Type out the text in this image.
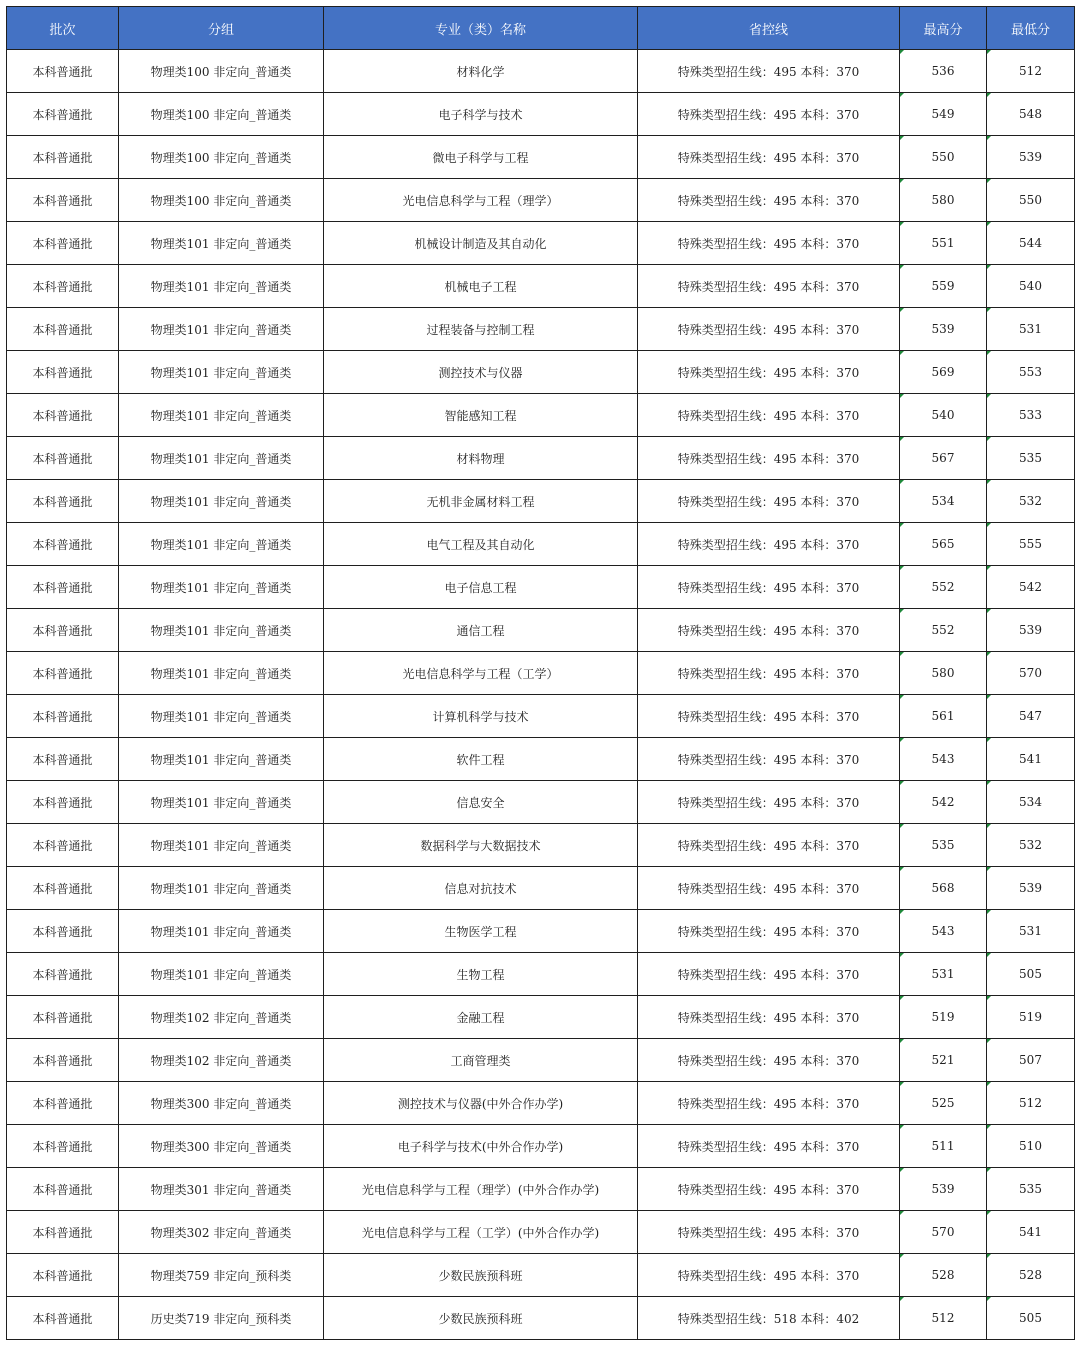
批次	分组	专业（类）名称	省控线	最高分	最低分
本科普通批	物理类100 非定向_普通类	材料化学	特殊类型招生线：495 本科：370	536	512
本科普通批	物理类100 非定向_普通类	电子科学与技术	特殊类型招生线：495 本科：370	549	548
本科普通批	物理类100 非定向_普通类	微电子科学与工程	特殊类型招生线：495 本科：370	550	539
本科普通批	物理类100 非定向_普通类	光电信息科学与工程（理学）	特殊类型招生线：495 本科：370	580	550
本科普通批	物理类101 非定向_普通类	机械设计制造及其自动化	特殊类型招生线：495 本科：370	551	544
本科普通批	物理类101 非定向_普通类	机械电子工程	特殊类型招生线：495 本科：370	559	540
本科普通批	物理类101 非定向_普通类	过程装备与控制工程	特殊类型招生线：495 本科：370	539	531
本科普通批	物理类101 非定向_普通类	测控技术与仪器	特殊类型招生线：495 本科：370	569	553
本科普通批	物理类101 非定向_普通类	智能感知工程	特殊类型招生线：495 本科：370	540	533
本科普通批	物理类101 非定向_普通类	材料物理	特殊类型招生线：495 本科：370	567	535
本科普通批	物理类101 非定向_普通类	无机非金属材料工程	特殊类型招生线：495 本科：370	534	532
本科普通批	物理类101 非定向_普通类	电气工程及其自动化	特殊类型招生线：495 本科：370	565	555
本科普通批	物理类101 非定向_普通类	电子信息工程	特殊类型招生线：495 本科：370	552	542
本科普通批	物理类101 非定向_普通类	通信工程	特殊类型招生线：495 本科：370	552	539
本科普通批	物理类101 非定向_普通类	光电信息科学与工程（工学）	特殊类型招生线：495 本科：370	580	570
本科普通批	物理类101 非定向_普通类	计算机科学与技术	特殊类型招生线：495 本科：370	561	547
本科普通批	物理类101 非定向_普通类	软件工程	特殊类型招生线：495 本科：370	543	541
本科普通批	物理类101 非定向_普通类	信息安全	特殊类型招生线：495 本科：370	542	534
本科普通批	物理类101 非定向_普通类	数据科学与大数据技术	特殊类型招生线：495 本科：370	535	532
本科普通批	物理类101 非定向_普通类	信息对抗技术	特殊类型招生线：495 本科：370	568	539
本科普通批	物理类101 非定向_普通类	生物医学工程	特殊类型招生线：495 本科：370	543	531
本科普通批	物理类101 非定向_普通类	生物工程	特殊类型招生线：495 本科：370	531	505
本科普通批	物理类102 非定向_普通类	金融工程	特殊类型招生线：495 本科：370	519	519
本科普通批	物理类102 非定向_普通类	工商管理类	特殊类型招生线：495 本科：370	521	507
本科普通批	物理类300 非定向_普通类	测控技术与仪器(中外合作办学)	特殊类型招生线：495 本科：370	525	512
本科普通批	物理类300 非定向_普通类	电子科学与技术(中外合作办学)	特殊类型招生线：495 本科：370	511	510
本科普通批	物理类301 非定向_普通类	光电信息科学与工程（理学）(中外合作办学)	特殊类型招生线：495 本科：370	539	535
本科普通批	物理类302 非定向_普通类	光电信息科学与工程（工学）(中外合作办学)	特殊类型招生线：495 本科：370	570	541
本科普通批	物理类759 非定向_预科类	少数民族预科班	特殊类型招生线：495 本科：370	528	528
本科普通批	历史类719 非定向_预科类	少数民族预科班	特殊类型招生线：518 本科：402	512	505
